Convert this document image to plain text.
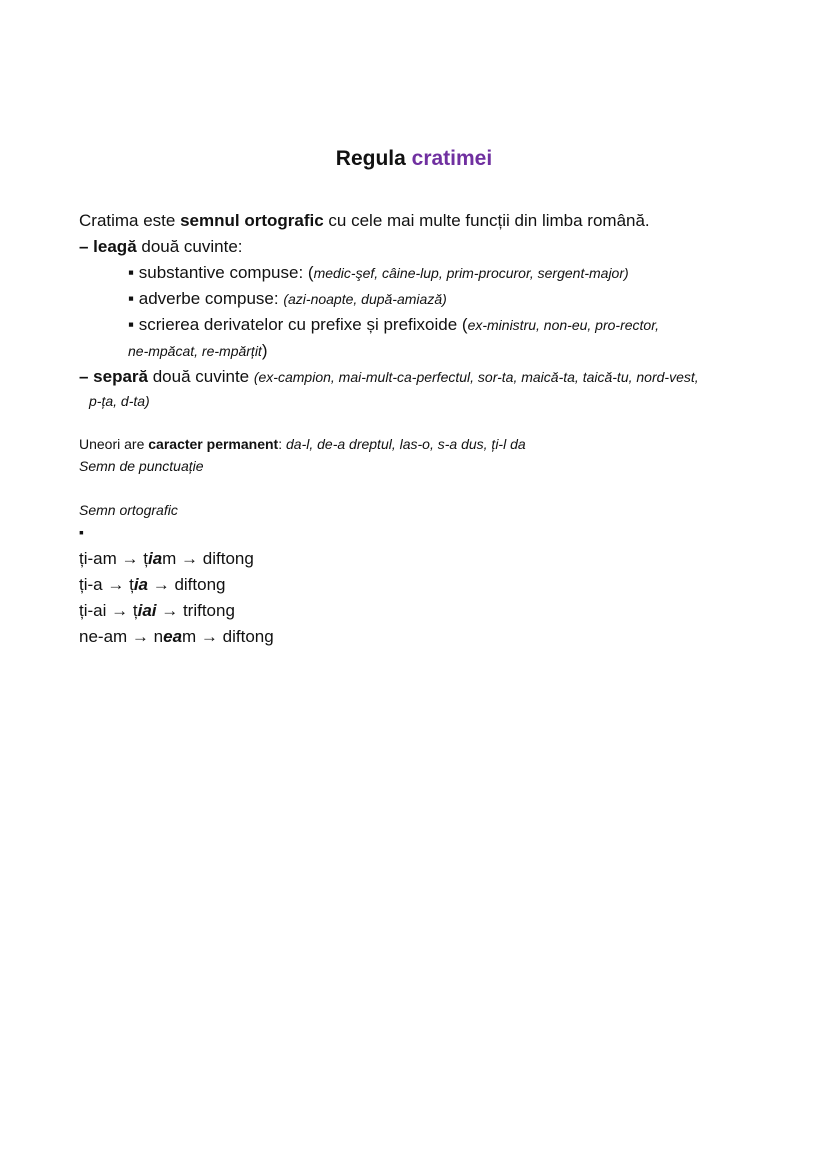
Regula cratimei
Cratima este semnul ortografic cu cele mai multe funcții din limba română.
– leagă două cuvinte:
▪ substantive compuse: (medic-şef, câine-lup, prim-procuror, sergent-major)
▪ adverbe compuse: (azi-noapte, după-amiază)
▪ scrierea derivatelor cu prefixe și prefixoide (ex-ministru, non-eu, pro-rector,
ne-mpăcat, re-mpărțit)
– separă două cuvinte (ex-campion, mai-mult-ca-perfectul, sor-ta, maică-ta, taică-tu, nord-vest,
p-ța, d-ta)
Uneori are caracter permanent: da-l, de-a dreptul, las-o, s-a dus, ți-l da
Semn de punctuație
Semn ortografic
▪
ți-am → țiam → diftong
ți-a → ția → diftong
ți-ai → țiai → triftong
ne-am → neam → diftong
